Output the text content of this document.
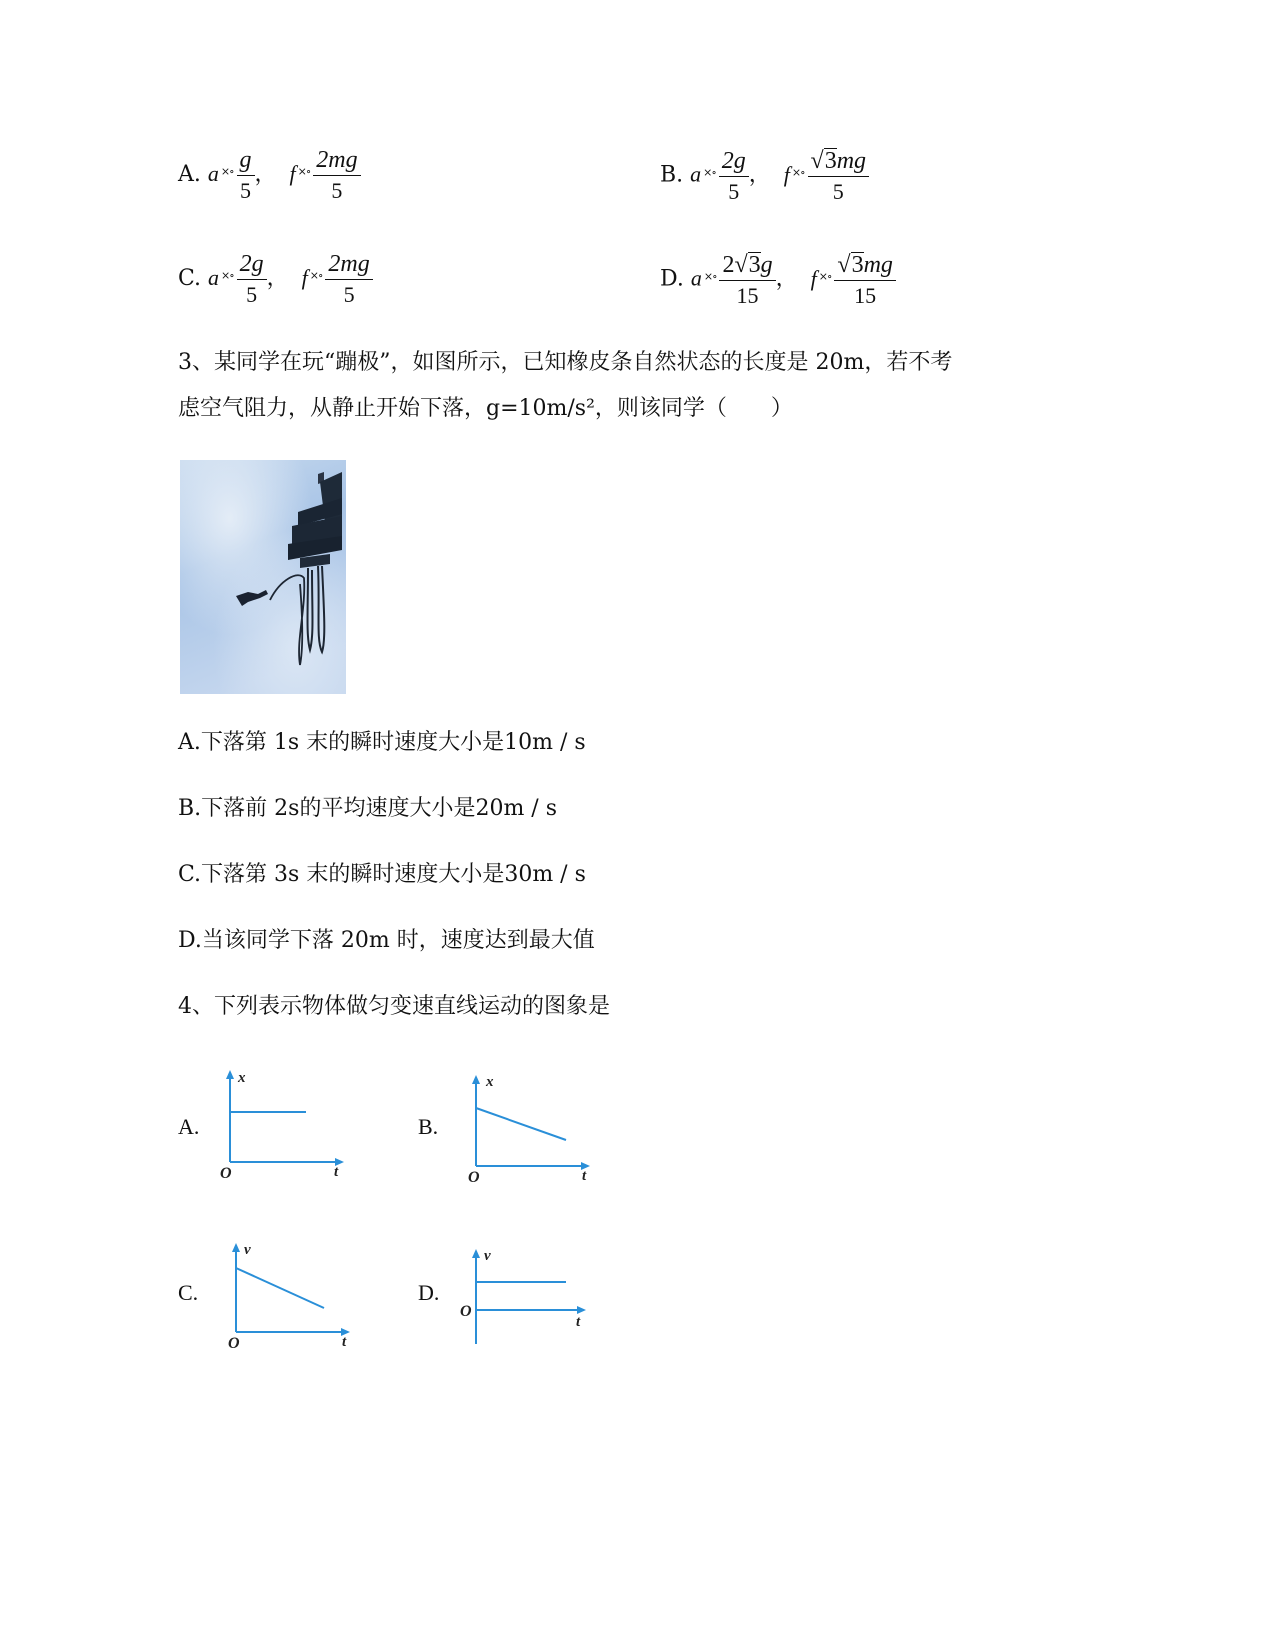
A. a $^{\times\circ} \frac{g}{5}$ ， f $^{\times\circ} \frac{2mg}{5}$	B. a $^{\times\circ} \frac{2g}{5}$ ， f $^{\times\circ} \frac{√3mg}{5}$
C. a $^{\times\circ} \frac{2g}{5}$ ， f $^{\times\circ} \frac{2mg}{5}$	D. a $^{\times\circ} \frac{2√3g}{15}$ ， f $^{\times\circ} \frac{√3mg}{15}$
3、某同学在玩“蹦极”，如图所示，已知橡皮条自然状态的长度是 20m，若不考
虑空气阻力，从静止开始下落，g=10m/s²，则该同学（　　）
A.下落第 1s 末的瞬时速度大小是10m / s
B.下落前 2s的平均速度大小是20m / s
C.下落第 3s 末的瞬时速度大小是30m / s
D.当该同学下落 20m 时，速度达到最大值
4、下列表示物体做匀变速直线运动的图象是
A.
x
t
O
B.
x
t
O
C.
v
t
O
D.
v
t
O
